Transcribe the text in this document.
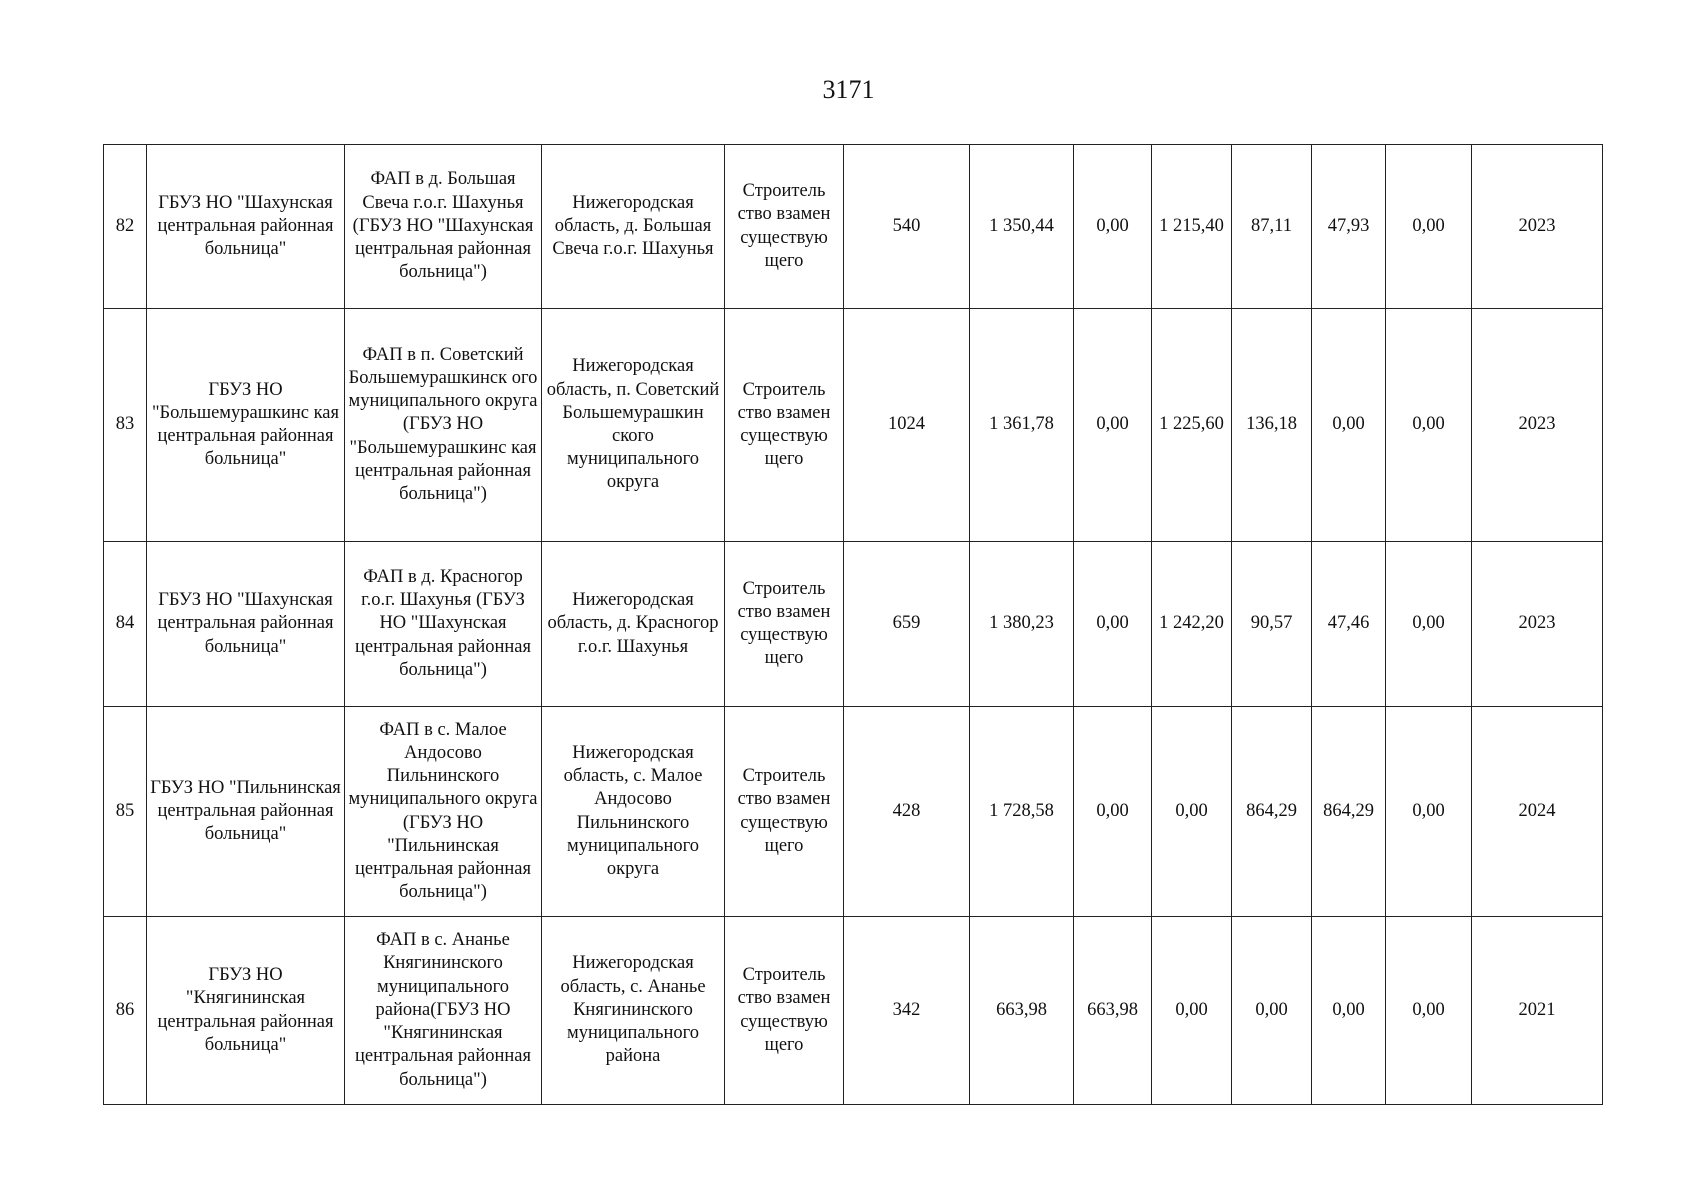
3171
82	ГБУЗ НО "Шахунская центральная районная больница"	ФАП в д. Большая Свеча г.о.г. Шахунья (ГБУЗ НО "Шахунская центральная районная больница")	Нижегородская область, д. Большая Свеча г.о.г. Шахунья	Строитель ство взамен существую щего	540	1 350,44	0,00	1 215,40	87,11	47,93	0,00	2023
83	ГБУЗ НО "Большемурашкинс кая центральная районная больница"	ФАП в п. Советский Большемурашкинск ого муниципального округа (ГБУЗ НО "Большемурашкинс кая центральная районная больница")	Нижегородская область, п. Советский Большемурашкин ского муниципального округа	Строитель ство взамен существую щего	1024	1 361,78	0,00	1 225,60	136,18	0,00	0,00	2023
84	ГБУЗ НО "Шахунская центральная районная больница"	ФАП в д. Красногор г.о.г. Шахунья (ГБУЗ НО "Шахунская центральная районная больница")	Нижегородская область, д. Красногор г.о.г. Шахунья	Строитель ство взамен существую щего	659	1 380,23	0,00	1 242,20	90,57	47,46	0,00	2023
85	ГБУЗ НО "Пильнинская центральная районная больница"	ФАП в с. Малое Андосово Пильнинского муниципального округа (ГБУЗ НО "Пильнинская центральная районная больница")	Нижегородская область, с. Малое Андосово Пильнинского муниципального округа	Строитель ство взамен существую щего	428	1 728,58	0,00	0,00	864,29	864,29	0,00	2024
86	ГБУЗ НО "Княгининская центральная районная больница"	ФАП в с. Ананье Княгининского муниципального района(ГБУЗ НО "Княгининская центральная районная больница")	Нижегородская область, с. Ананье Княгининского муниципального района	Строитель ство взамен существую щего	342	663,98	663,98	0,00	0,00	0,00	0,00	2021
